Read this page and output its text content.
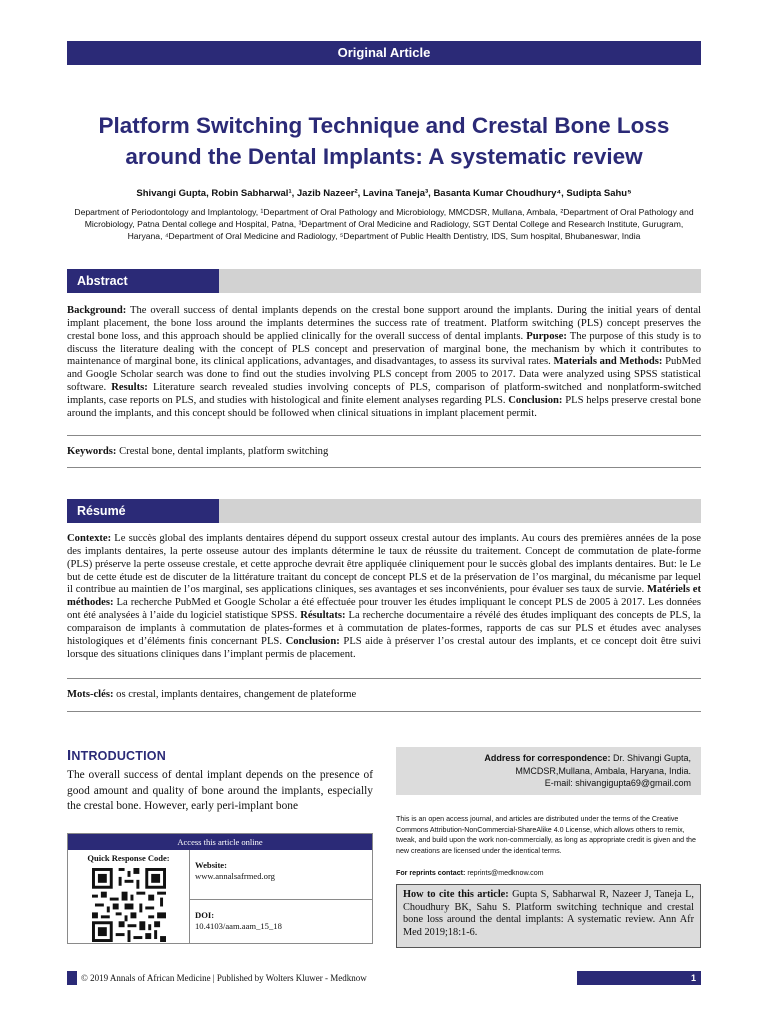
Original Article
Platform Switching Technique and Crestal Bone Loss around the Dental Implants: A systematic review
Shivangi Gupta, Robin Sabharwal¹, Jazib Nazeer², Lavina Taneja³, Basanta Kumar Choudhury⁴, Sudipta Sahu⁵
Department of Periodontology and Implantology, ¹Department of Oral Pathology and Microbiology, MMCDSR, Mullana, Ambala, ²Department of Oral Pathology and Microbiology, Patna Dental college and Hospital, Patna, ³Department of Oral Medicine and Radiology, SGT Dental College and Research Institute, Gurugram, Haryana, ⁴Department of Oral Medicine and Radiology, ⁵Department of Public Health Dentistry, IDS, Sum hospital, Bhubaneswar, India
Abstract
Background: The overall success of dental implants depends on the crestal bone support around the implants. During the initial years of dental implant placement, the bone loss around the implants determines the success rate of treatment. Platform switching (PLS) concept preserves the crestal bone loss, and this approach should be applied clinically for the overall success of dental implants. Purpose: The purpose of this study is to discuss the literature dealing with the concept of PLS concept and preservation of marginal bone, the mechanism by which it contributes to maintenance of marginal bone, its clinical applications, advantages, and disadvantages, to assess its survival rates. Materials and Methods: PubMed and Google Scholar search was done to find out the studies involving PLS concept from 2005 to 2017. Data were analyzed using SPSS statistical software. Results: Literature search revealed studies involving concepts of PLS, comparison of platform-switched and nonplatform-switched implants, case reports on PLS, and studies with histological and finite element analyses regarding PLS. Conclusion: PLS helps preserve crestal bone around the implants, and this concept should be followed when clinical situations in implant placement permit.
Keywords: Crestal bone, dental implants, platform switching
Résumé
Contexte: Le succès global des implants dentaires dépend du support osseux crestal autour des implants. Au cours des premières années de la pose des implants dentaires, la perte osseuse autour des implants détermine le taux de réussite du traitement. Concept de commutation de plate-forme (PLS) préserve la perte osseuse crestale, et cette approche devrait être appliquée cliniquement pour le succès global des implants dentaires. But: le Le but de cette étude est de discuter de la littérature traitant du concept de concept PLS et de la préservation de l’os marginal, du mécanisme par lequel il contribue au maintien de l’os marginal, ses applications cliniques, ses avantages et ses inconvénients, pour évaluer ses taux de survie. Matériels et méthodes: La recherche PubMed et Google Scholar a été effectuée pour trouver les études impliquant le concept PLS de 2005 à 2017. Les données ont été analysées à l’aide du logiciel statistique SPSS. Résultats: La recherche documentaire a révélé des études impliquant des concepts de PLS, la comparaison de implants à commutation de plates-formes et à commutation de plates-formes, rapports de cas sur PLS et études avec analyses histologiques et d’éléments finis concernant PLS. Conclusion: PLS aide à préserver l’os crestal autour des implants, et ce concept doit être suivi lorsque des situations cliniques dans l’implant permis de placement.
Mots-clés: os crestal, implants dentaires, changement de plateforme
INTRODUCTION
The overall success of dental implant depends on the presence of good amount and quality of bone around the implants, especially the crestal bone. However, early peri-implant bone
Access this article online
Quick Response Code:
Website:
www.annalsafrmed.org
DOI:
10.4103/aam.aam_15_18
Address for correspondence: Dr. Shivangi Gupta,
MMCDSR,Mullana, Ambala, Haryana, India.
E-mail: shivangigupta69@gmail.com
This is an open access journal, and articles are distributed under the terms of the Creative Commons Attribution-NonCommercial-ShareAlike 4.0 License, which allows others to remix, tweak, and build upon the work non-commercially, as long as appropriate credit is given and the new creations are licensed under the identical terms.
For reprints contact: reprints@medknow.com
How to cite this article: Gupta S, Sabharwal R, Nazeer J, Taneja L, Choudhury BK, Sahu S. Platform switching technique and crestal bone loss around the dental implants: A systematic review. Ann Afr Med 2019;18:1-6.
© 2019 Annals of African Medicine | Published by Wolters Kluwer - Medknow	1
